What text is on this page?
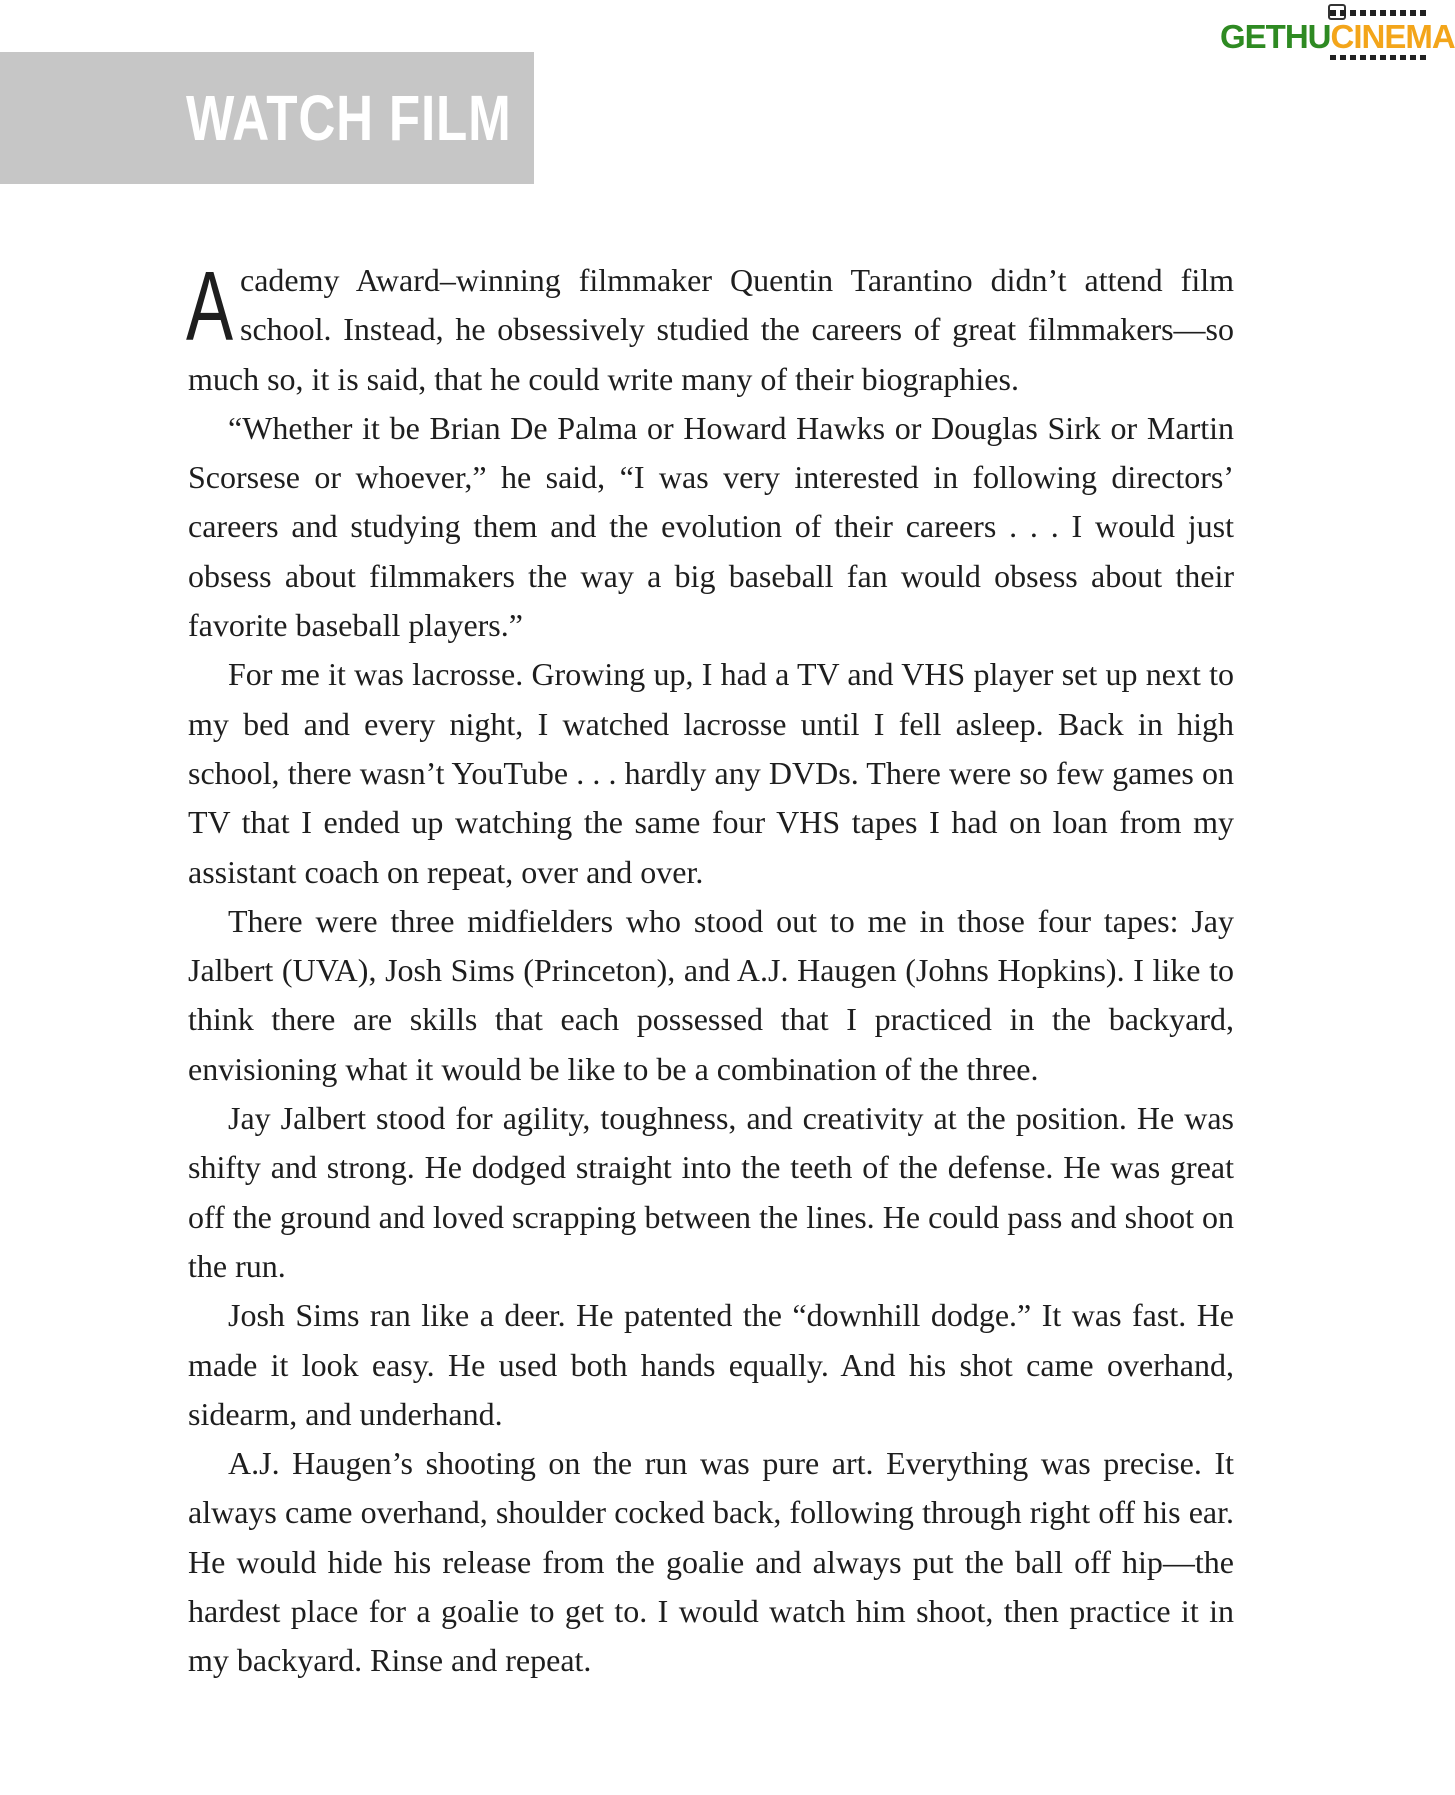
GETHUCINEMA
WATCH FILM

Academy Award–winning filmmaker Quentin Tarantino didn’t attend film school. Instead, he obsessively studied the careers of great filmmakers—so much so, it is said, that he could write many of their biographies.

“Whether it be Brian De Palma or Howard Hawks or Douglas Sirk or Martin Scorsese or whoever,” he said, “I was very interested in following directors’ careers and studying them and the evolution of their careers . . . I would just obsess about filmmakers the way a big baseball fan would obsess about their favorite baseball players.”

For me it was lacrosse. Growing up, I had a TV and VHS player set up next to my bed and every night, I watched lacrosse until I fell asleep. Back in high school, there wasn’t YouTube . . . hardly any DVDs. There were so few games on TV that I ended up watching the same four VHS tapes I had on loan from my assistant coach on repeat, over and over.

There were three midfielders who stood out to me in those four tapes: Jay Jalbert (UVA), Josh Sims (Princeton), and A.J. Haugen (Johns Hopkins). I like to think there are skills that each possessed that I practiced in the backyard, envisioning what it would be like to be a combination of the three.

Jay Jalbert stood for agility, toughness, and creativity at the position. He was shifty and strong. He dodged straight into the teeth of the defense. He was great off the ground and loved scrapping between the lines. He could pass and shoot on the run.

Josh Sims ran like a deer. He patented the “downhill dodge.” It was fast. He made it look easy. He used both hands equally. And his shot came overhand, sidearm, and underhand.

A.J. Haugen’s shooting on the run was pure art. Everything was precise. It always came overhand, shoulder cocked back, following through right off his ear. He would hide his release from the goalie and always put the ball off hip—the hardest place for a goalie to get to. I would watch him shoot, then practice it in my backyard. Rinse and repeat.
